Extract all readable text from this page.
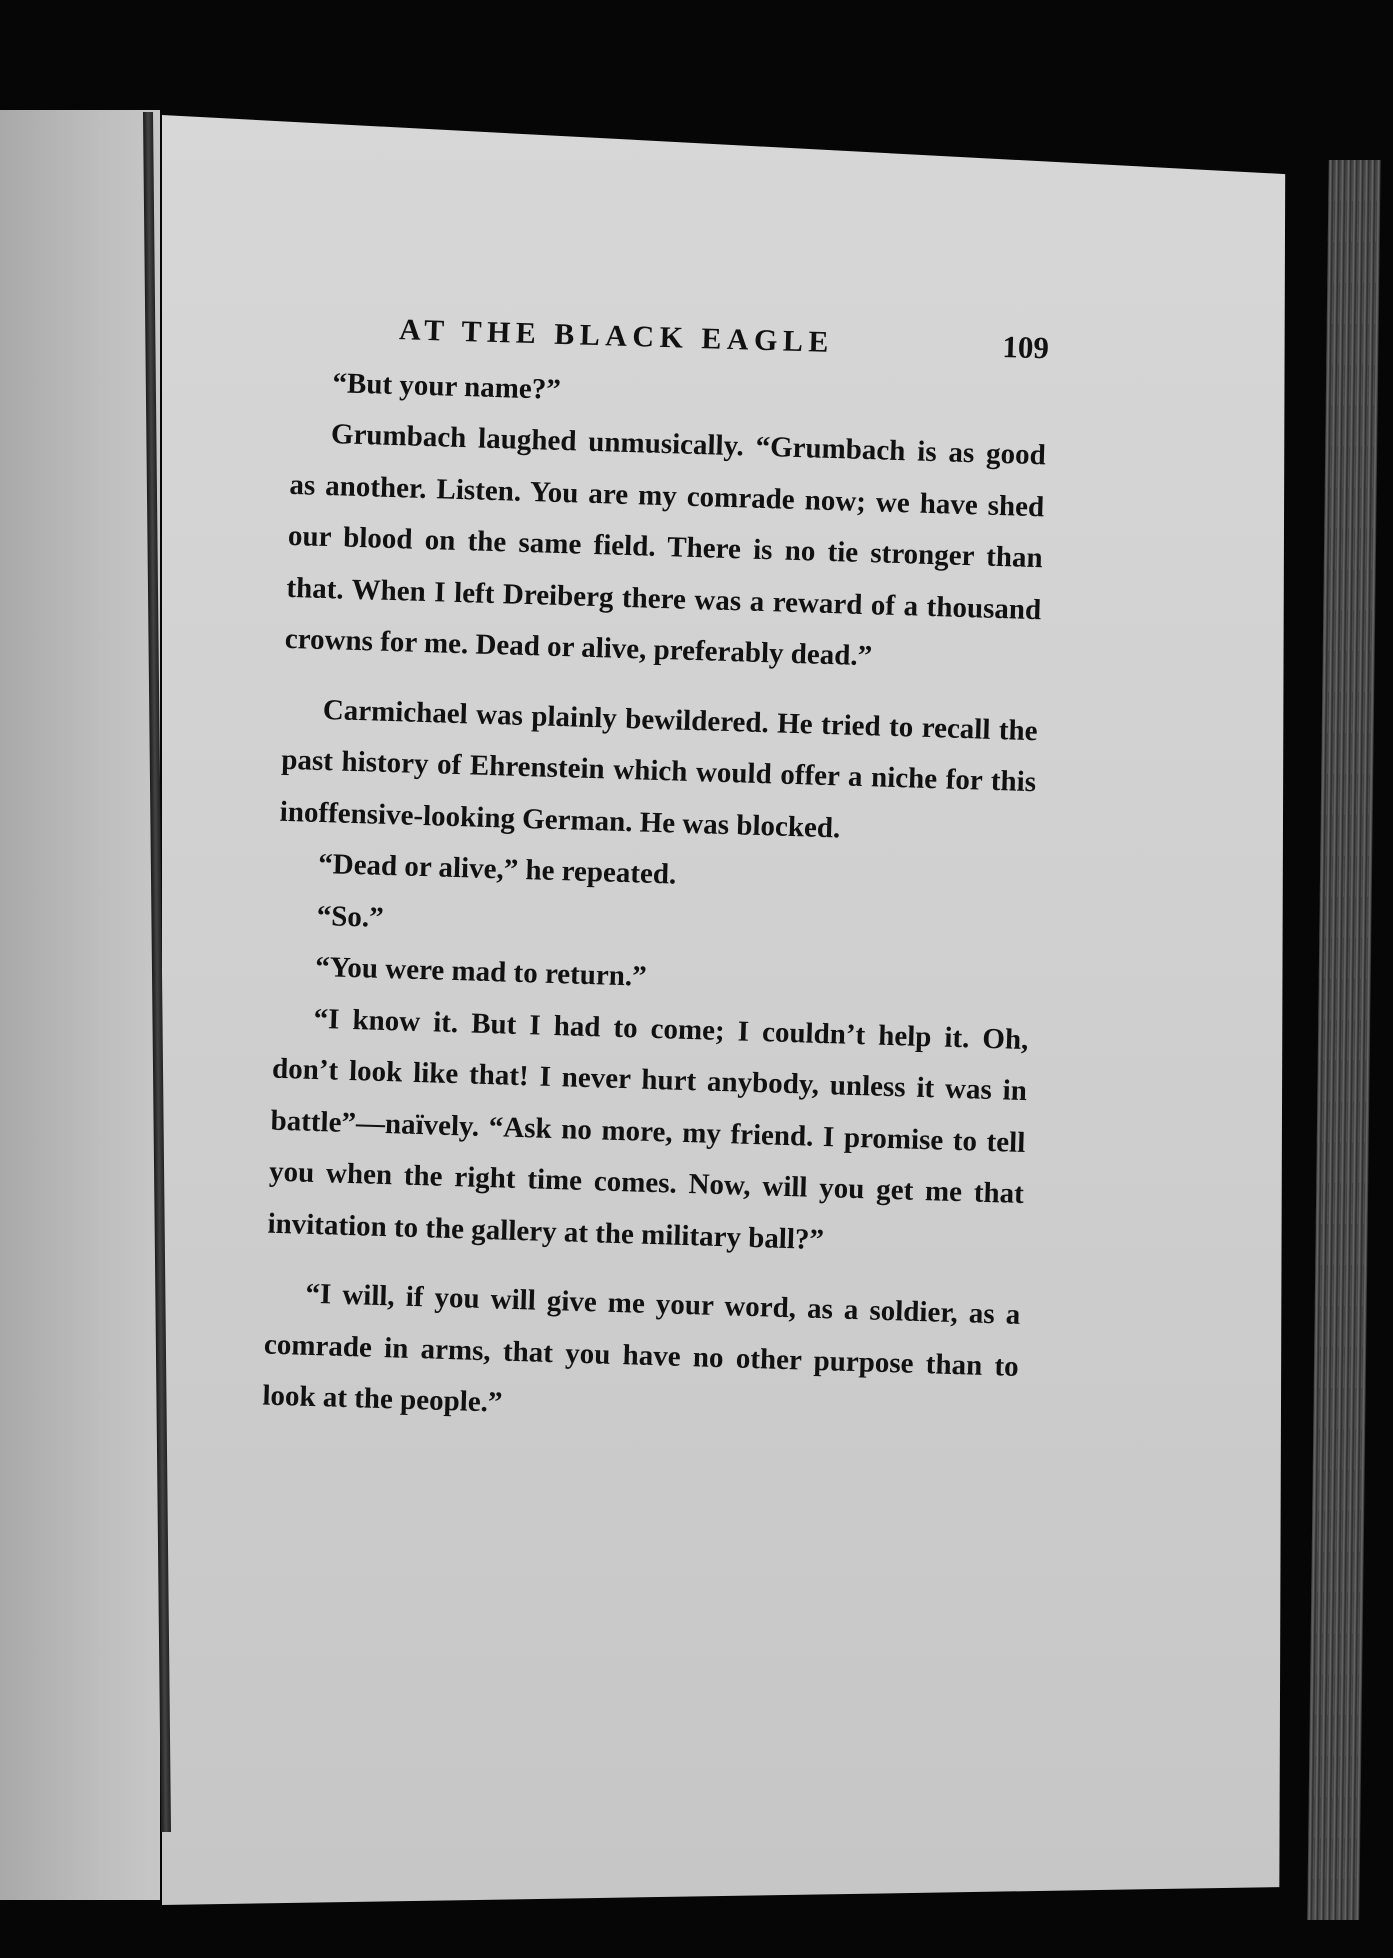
AT THE BLACK EAGLE	109

“But your name?”

Grumbach laughed unmusically. “Grumbach is as good as another. Listen. You are my comrade now; we have shed our blood on the same field. There is no tie stronger than that. When I left Dreiberg there was a reward of a thousand crowns for me. Dead or alive, preferably dead.”

Carmichael was plainly bewildered. He tried to recall the past history of Ehrenstein which would offer a niche for this inoffensive-looking German. He was blocked.

“Dead or alive,” he repeated.

“So.”

“You were mad to return.”

“I know it. But I had to come; I couldn’t help it. Oh, don’t look like that! I never hurt anybody, unless it was in battle”—naïvely. “Ask no more, my friend. I promise to tell you when the right time comes. Now, will you get me that invitation to the gallery at the military ball?”

“I will, if you will give me your word, as a soldier, as a comrade in arms, that you have no other purpose than to look at the people.”
